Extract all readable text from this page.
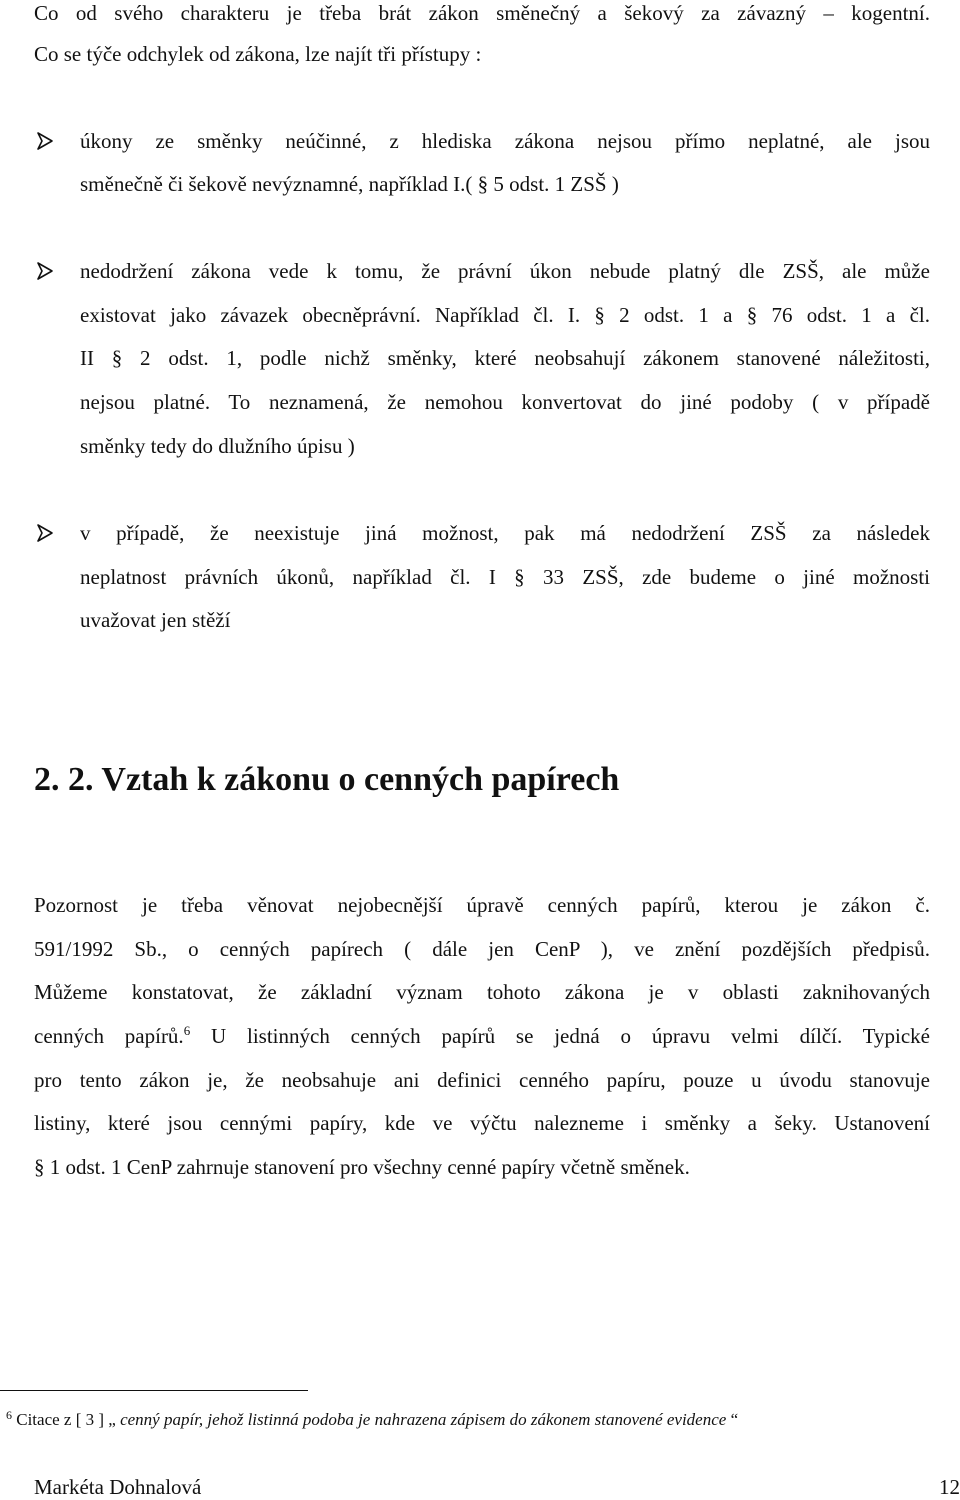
Co od svého charakteru je třeba brát zákon směnečný a šekový za závazný – kogentní.
Co se týče odchylek od zákona, lze najít tři přístupy :
úkony ze směnky neúčinné, z hlediska zákona nejsou přímo neplatné, ale jsou
směnečně či šekově nevýznamné, například I.( § 5 odst. 1 ZSŠ )
nedodržení zákona vede k tomu, že právní úkon nebude platný dle ZSŠ, ale může
existovat jako závazek obecněprávní. Například čl. I. § 2 odst. 1 a § 76 odst. 1 a čl.
II § 2 odst. 1, podle nichž směnky, které neobsahují zákonem stanovené náležitosti,
nejsou platné. To neznamená, že nemohou konvertovat do jiné podoby ( v případě
směnky tedy do dlužního úpisu )
v případě, že neexistuje jiná možnost, pak má nedodržení ZSŠ za následek
neplatnost právních úkonů, například čl. I § 33 ZSŠ, zde budeme o jiné možnosti
uvažovat jen stěží
2. 2. Vztah k zákonu o cenných papírech
Pozornost je třeba věnovat nejobecnější úpravě cenných papírů, kterou je zákon č.
591/1992 Sb., o cenných papírech ( dále jen CenP ), ve znění pozdějších předpisů.
Můžeme konstatovat, že základní význam tohoto zákona je v oblasti zaknihovaných
cenných papírů.$^6$ U listinných cenných papírů se jedná o úpravu velmi dílčí. Typické
pro tento zákon je, že neobsahuje ani definici cenného papíru, pouze u úvodu stanovuje
listiny, které jsou cennými papíry, kde ve výčtu nalezneme i směnky a šeky. Ustanovení
§ 1 odst. 1 CenP zahrnuje stanovení pro všechny cenné papíry včetně směnek.
$^6$ Citace z [ 3 ] „ cenný papír, jehož listinná podoba je nahrazena zápisem do zákonem stanovené evidence “
Markéta Dohnalová	12
